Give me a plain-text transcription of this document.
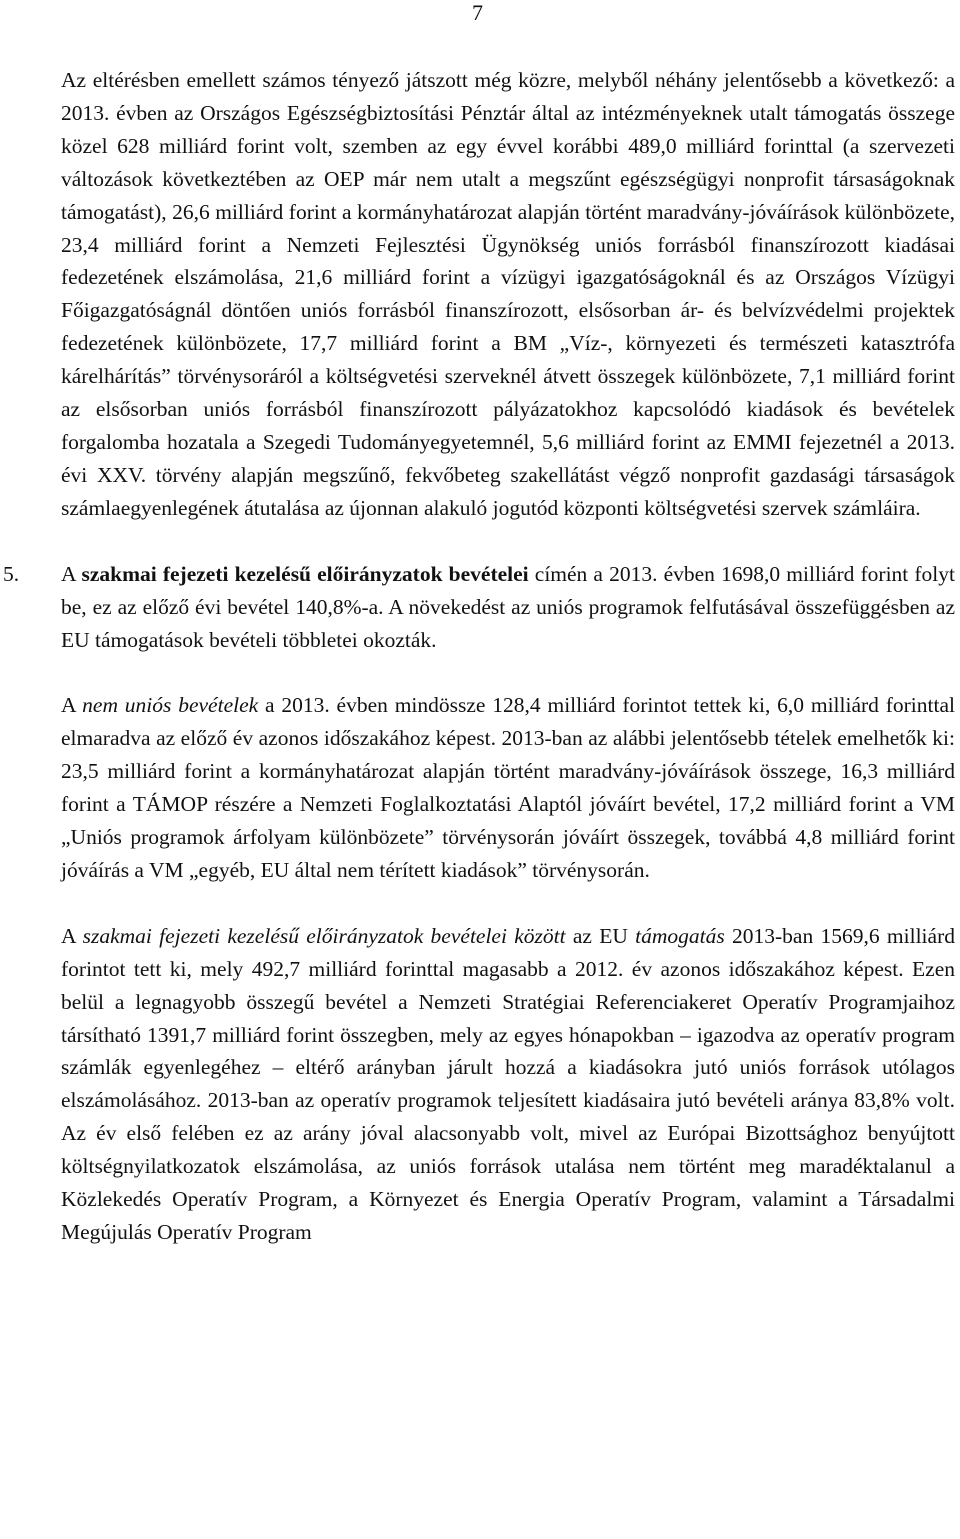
7

Az eltérésben emellett számos tényező játszott még közre, melyből néhány jelentősebb a következő: a 2013. évben az Országos Egészségbiztosítási Pénztár által az intézményeknek utalt támogatás összege közel 628 milliárd forint volt, szemben az egy évvel korábbi 489,0 milliárd forinttal (a szervezeti változások következtében az OEP már nem utalt a megszűnt egészségügyi nonprofit társaságoknak támogatást), 26,6 milliárd forint a kormányhatározat alapján történt maradvány-jóváírások különbözete, 23,4 milliárd forint a Nemzeti Fejlesztési Ügynökség uniós forrásból finanszírozott kiadásai fedezetének elszámolása, 21,6 milliárd forint a vízügyi igazgatóságoknál és az Országos Vízügyi Főigazgatóságnál döntően uniós forrásból finanszírozott, elsősorban ár- és belvízvédelmi projektek fedezetének különbözete, 17,7 milliárd forint a BM „Víz-, környezeti és természeti katasztrófa kárelhárítás” törvénysoráról a költségvetési szerveknél átvett összegek különbözete, 7,1 milliárd forint az elsősorban uniós forrásból finanszírozott pályázatokhoz kapcsolódó kiadások és bevételek forgalomba hozatala a Szegedi Tudományegyetemnél, 5,6 milliárd forint az EMMI fejezetnél a 2013. évi XXV. törvény alapján megszűnő, fekvőbeteg szakellátást végző nonprofit gazdasági társaságok számlaegyenlegének átutalása az újonnan alakuló jogutód központi költségvetési szervek számláira.

5. A szakmai fejezeti kezelésű előirányzatok bevételei címén a 2013. évben 1698,0 milliárd forint folyt be, ez az előző évi bevétel 140,8%-a. A növekedést az uniós programok felfutásával összefüggésben az EU támogatások bevételi többletei okozták.

A nem uniós bevételek a 2013. évben mindössze 128,4 milliárd forintot tettek ki, 6,0 milliárd forinttal elmaradva az előző év azonos időszakához képest. 2013-ban az alábbi jelentősebb tételek emelhetők ki: 23,5 milliárd forint a kormányhatározat alapján történt maradvány-jóváírások összege, 16,3 milliárd forint a TÁMOP részére a Nemzeti Foglalkoztatási Alaptól jóváírt bevétel, 17,2 milliárd forint a VM „Uniós programok árfolyam különbözete” törvénysorán jóváírt összegek, továbbá 4,8 milliárd forint jóváírás a VM „egyéb, EU által nem térített kiadások” törvénysorán.

A szakmai fejezeti kezelésű előirányzatok bevételei között az EU támogatás 2013-ban 1569,6 milliárd forintot tett ki, mely 492,7 milliárd forinttal magasabb a 2012. év azonos időszakához képest. Ezen belül a legnagyobb összegű bevétel a Nemzeti Stratégiai Referenciakeret Operatív Programjaihoz társítható 1391,7 milliárd forint összegben, mely az egyes hónapokban – igazodva az operatív program számlák egyenlegéhez – eltérő arányban járult hozzá a kiadásokra jutó uniós források utólagos elszámolásához. 2013-ban az operatív programok teljesített kiadásaira jutó bevételi aránya 83,8% volt. Az év első felében ez az arány jóval alacsonyabb volt, mivel az Európai Bizottsághoz benyújtott költségnyilatkozatok elszámolása, az uniós források utalása nem történt meg maradéktalanul a Közlekedés Operatív Program, a Környezet és Energia Operatív Program, valamint a Társadalmi Megújulás Operatív Program
